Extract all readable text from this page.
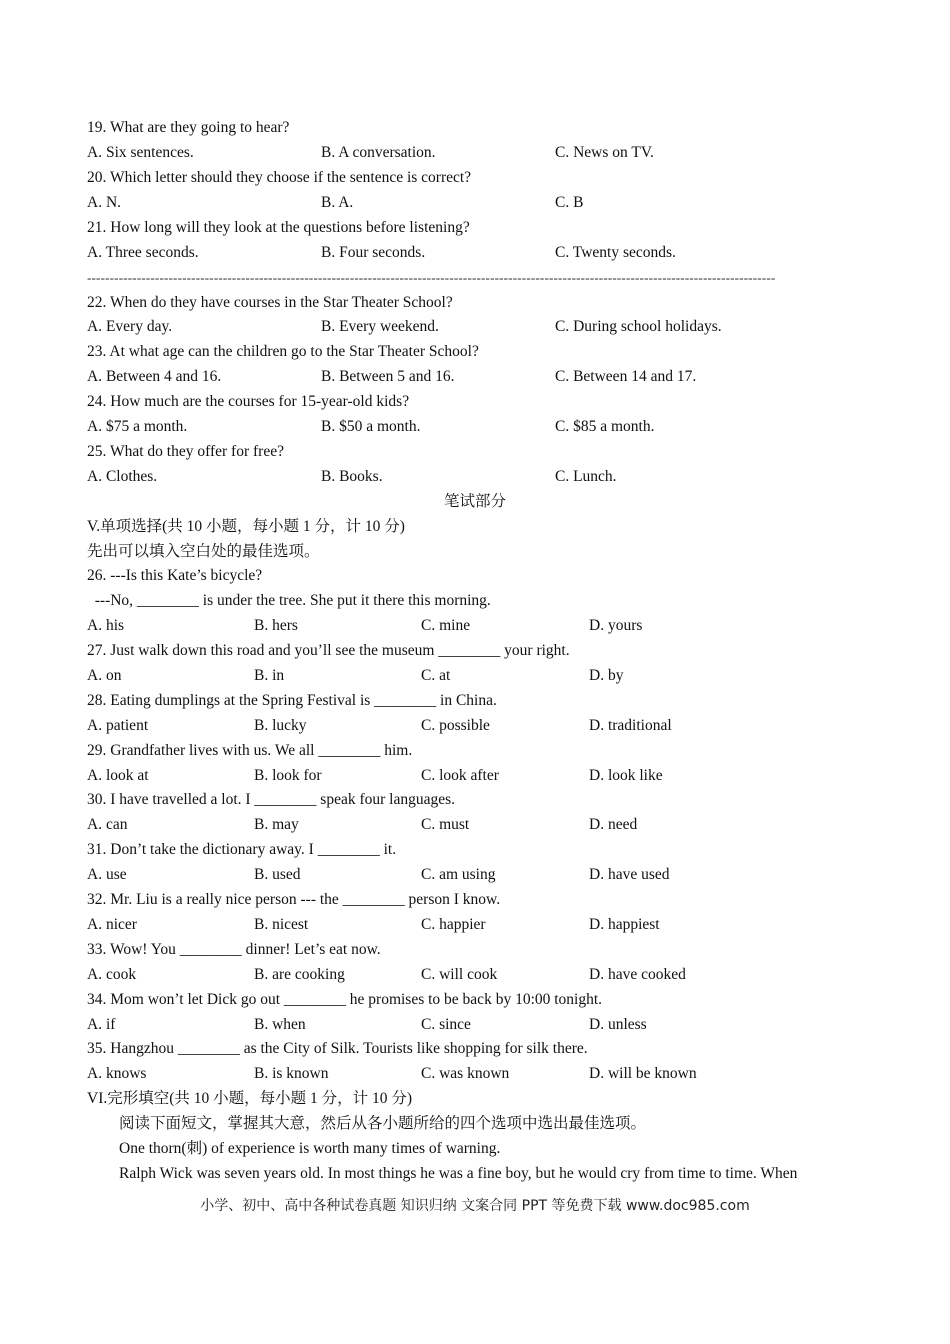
19. What are they going to hear?
A. Six sentences.	B. A conversation.	C. News on TV.
20. Which letter should they choose if the sentence is correct?
A. N.	B. A.	C. B
21. How long will they look at the questions before listening?
A. Three seconds.	B. Four seconds.	C. Twenty seconds.
--------------------------------------------------------------------------------------------------------------------------------------------------------
22. When do they have courses in the Star Theater School?
A. Every day.	B. Every weekend.	C. During school holidays.
23. At what age can the children go to the Star Theater School?
A. Between 4 and 16.	B. Between 5 and 16.	C. Between 14 and 17.
24. How much are the courses for 15-year-old kids?
A. $75 a month.	B. $50 a month.	C. $85 a month.
25. What do they offer for free?
A. Clothes.	B. Books.	C. Lunch.
笔试部分
V.单项选择(共 10 小题，每小题 1 分，计 10 分)
先出可以填入空白处的最佳选项。
26. ---Is this Kate’s bicycle?
---No, ________ is under the tree. She put it there this morning.
A. his	B. hers	C. mine	D. yours
27. Just walk down this road and you’ll see the museum ________ your right.
A. on	B. in	C. at	D. by
28. Eating dumplings at the Spring Festival is ________ in China.
A. patient	B. lucky	C. possible	D. traditional
29. Grandfather lives with us. We all ________ him.
A. look at	B. look for	C. look after	D. look like
30. I have travelled a lot. I ________ speak four languages.
A. can	B. may	C. must	D. need
31. Don’t take the dictionary away. I ________ it.
A. use	B. used	C. am using	D. have used
32. Mr. Liu is a really nice person --- the ________ person I know.
A. nicer	B. nicest	C. happier	D. happiest
33. Wow! You ________ dinner! Let’s eat now.
A. cook	B. are cooking	C. will cook	D. have cooked
34. Mom won’t let Dick go out ________ he promises to be back by 10:00 tonight.
A. if	B. when	C. since	D. unless
35. Hangzhou ________ as the City of Silk. Tourists like shopping for silk there.
A. knows	B. is known	C. was known	D. will be known
VI.完形填空(共 10 小题，每小题 1 分，计 10 分)
阅读下面短文，掌握其大意，然后从各小题所给的四个选项中选出最佳选项。
One thorn(刺) of experience is worth many times of warning.
Ralph Wick was seven years old. In most things he was a fine boy, but he would cry from time to time. When
小学、初中、高中各种试卷真题 知识归纳 文案合同 PPT 等免费下载 www.doc985.com
